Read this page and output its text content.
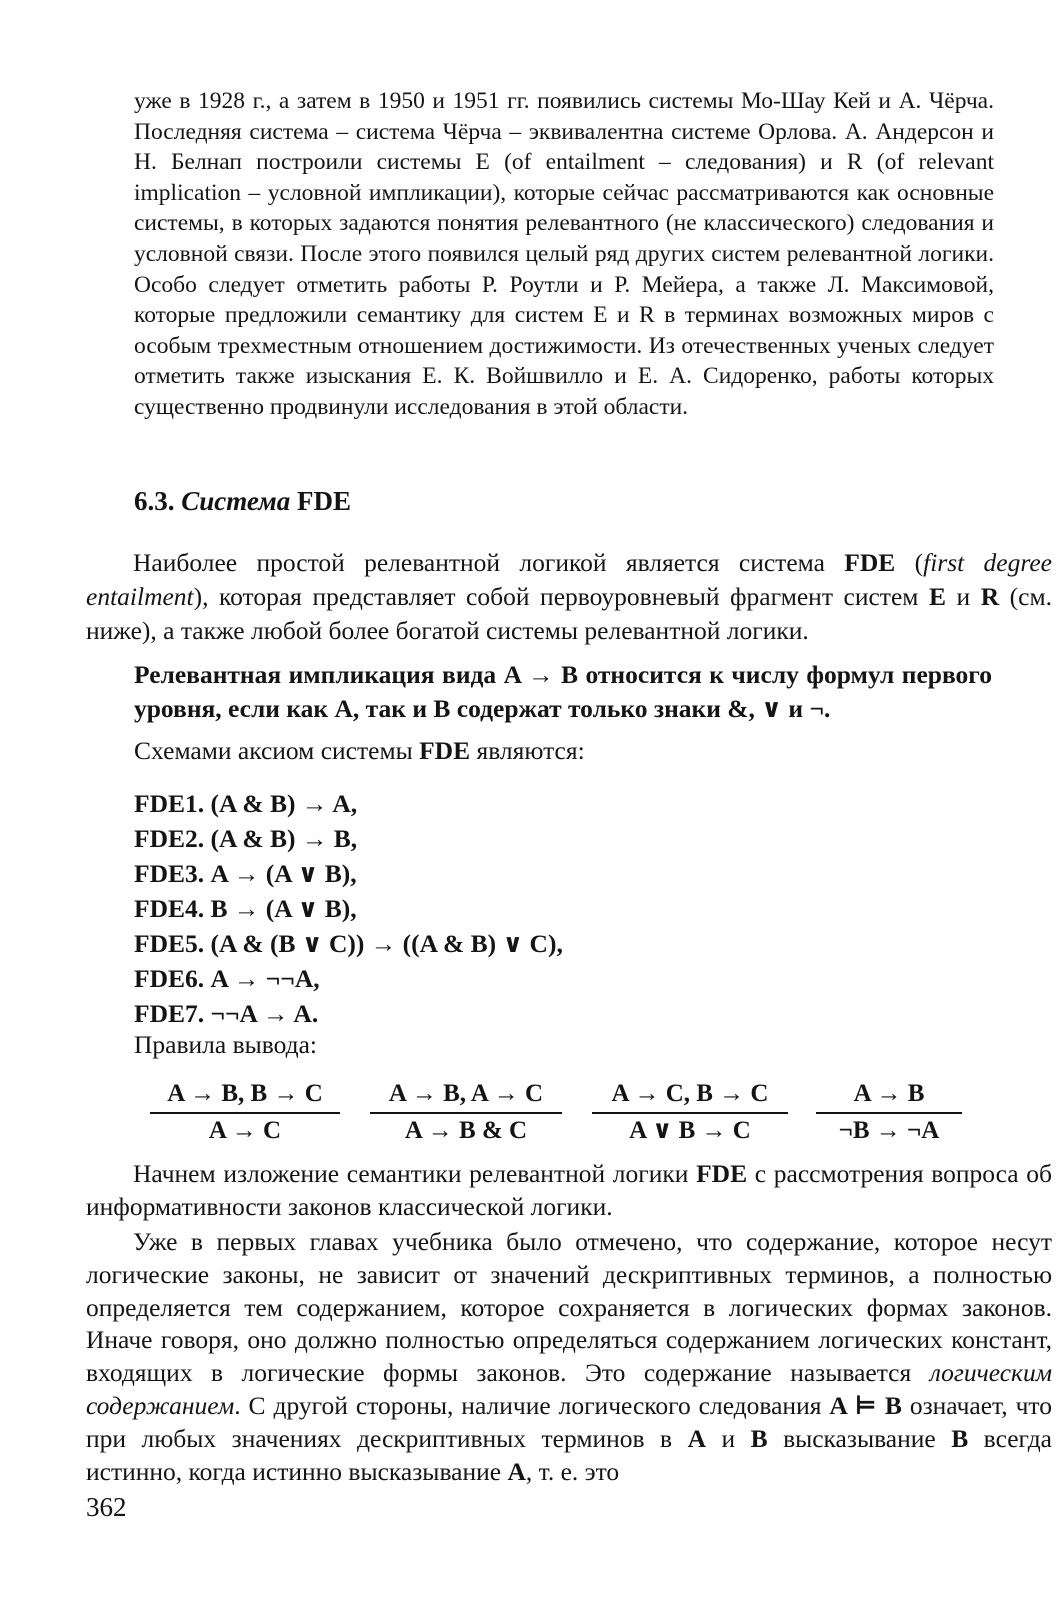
уже в 1928 г., а затем в 1950 и 1951 гг. появились системы Мо-Шау Кей и А. Чёрча. Последняя система – система Чёрча – эквивалентна системе Орлова. А. Андерсон и Н. Белнап построили системы E (of entailment – следования) и R (of relevant implication – условной импликации), которые сейчас рассматриваются как основные системы, в которых задаются понятия релевантного (не классического) следования и условной связи. После этого появился целый ряд других систем релевантной логики. Особо следует отметить работы Р. Роутли и Р. Мейера, а также Л. Максимовой, которые предложили семантику для систем E и R в терминах возможных миров с особым трехместным отношением достижимости. Из отечественных ученых следует отметить также изыскания Е. К. Войшвилло и Е. А. Сидоренко, работы которых существенно продвинули исследования в этой области.
6.3. Система FDE
Наиболее простой релевантной логикой является система FDE (first degree entailment), которая представляет собой первоуровневый фрагмент систем E и R (см. ниже), а также любой более богатой системы релевантной логики.
Релевантная импликация вида A → B относится к числу формул первого уровня, если как A, так и B содержат только знаки &, ∨ и ¬.
Схемами аксиом системы FDE являются:
FDE1. (A & B) → A,
FDE2. (A & B) → B,
FDE3. A → (A ∨ B),
FDE4. B → (A ∨ B),
FDE5. (A & (B ∨ C)) → ((A & B) ∨ C),
FDE6. A → ¬¬A,
FDE7. ¬¬A → A.
Правила вывода:
A → B, B → C
A → C
A → B, A → C
A → B & C
A → C, B → C
A ∨ B → C
A → B
¬B → ¬A
Начнем изложение семантики релевантной логики FDE с рассмотрения вопроса об информативности законов классической логики.
Уже в первых главах учебника было отмечено, что содержание, которое несут логические законы, не зависит от значений дескриптивных терминов, а полностью определяется тем содержанием, которое сохраняется в логических формах законов. Иначе говоря, оно должно полностью определяться содержанием логических констант, входящих в логические формы законов. Это содержание называется логическим содержанием. С другой стороны, наличие логического следования A ⊨ B означает, что при любых значениях дескриптивных терминов в A и B высказывание B всегда истинно, когда истинно высказывание A, т. е. это
362
